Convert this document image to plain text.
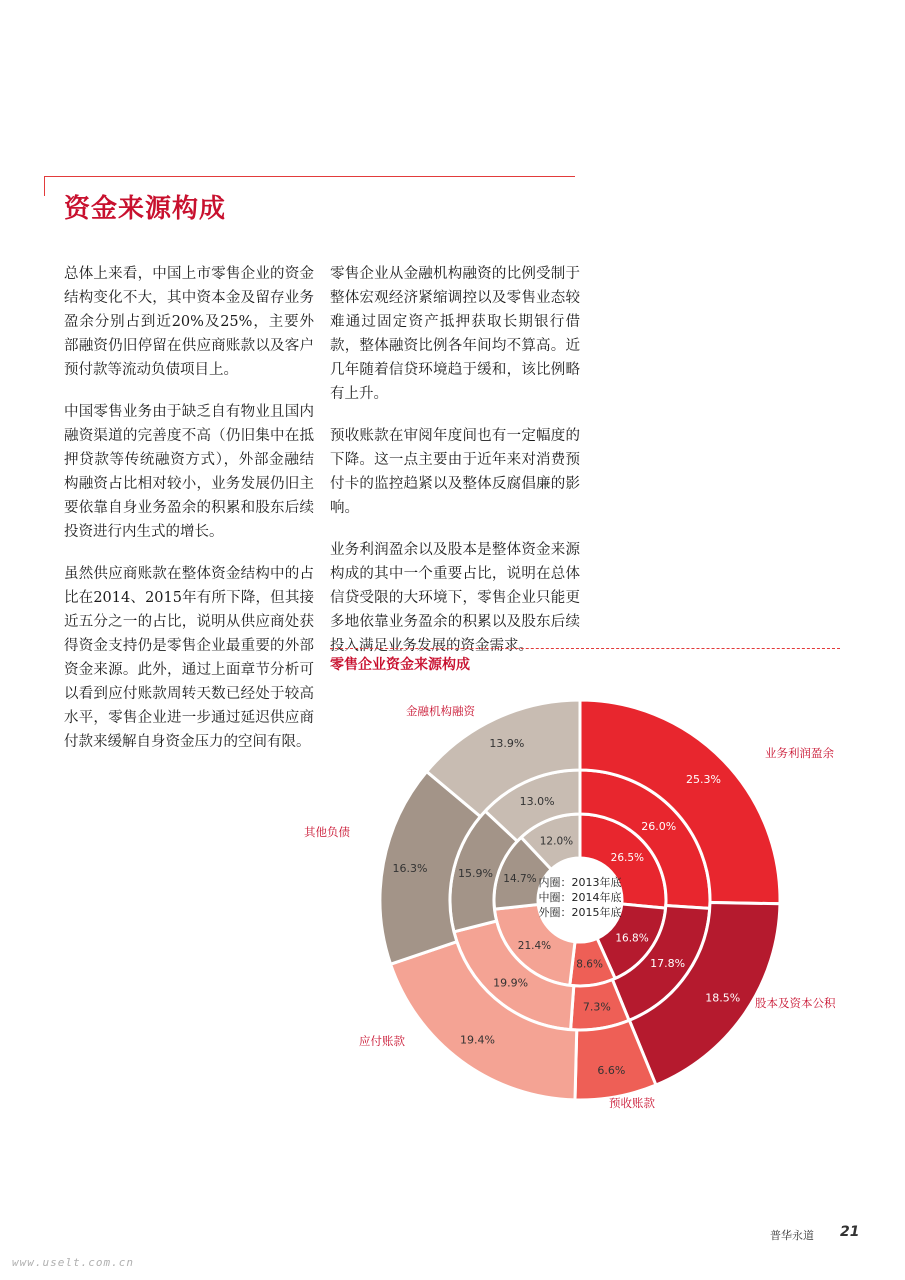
资金来源构成

总体上来看，中国上市零售企业的资金结构变化不大，其中资本金及留存业务盈余分别占到近20%及25%，主要外部融资仍旧停留在供应商账款以及客户预付款等流动负债项目上。

中国零售业务由于缺乏自有物业且国内融资渠道的完善度不高（仍旧集中在抵押贷款等传统融资方式），外部金融结构融资占比相对较小，业务发展仍旧主要依靠自身业务盈余的积累和股东后续投资进行内生式的增长。

虽然供应商账款在整体资金结构中的占比在2014、2015年有所下降，但其接近五分之一的占比，说明从供应商处获得资金支持仍是零售企业最重要的外部资金来源。此外，通过上面章节分析可以看到应付账款周转天数已经处于较高水平，零售企业进一步通过延迟供应商付款来缓解自身资金压力的空间有限。

零售企业从金融机构融资的比例受制于整体宏观经济紧缩调控以及零售业态较难通过固定资产抵押获取长期银行借款，整体融资比例各年间均不算高。近几年随着信贷环境趋于缓和，该比例略有上升。

预收账款在审阅年度间也有一定幅度的下降。这一点主要由于近年来对消费预付卡的监控趋紧以及整体反腐倡廉的影响。

业务利润盈余以及股本是整体资金来源构成的其中一个重要占比，说明在总体信贷受限的大环境下，零售企业只能更多地依靠业务盈余的积累以及股东后续投入满足业务发展的资金需求。

零售企业资金来源构成
26.5%
16.8%
8.6%
21.4%
14.7%
12.0%
26.0%
17.8%
7.3%
19.9%
15.9%
13.0%
25.3%
18.5%
6.6%
19.4%
16.3%
13.9%
内圈：2013年底
中圈：2014年底
外圈：2015年底
业务利润盈余
股本及资本公积
预收账款
应付账款
其他负债
金融机构融资
普华永道 21
www.uselt.com.cn
